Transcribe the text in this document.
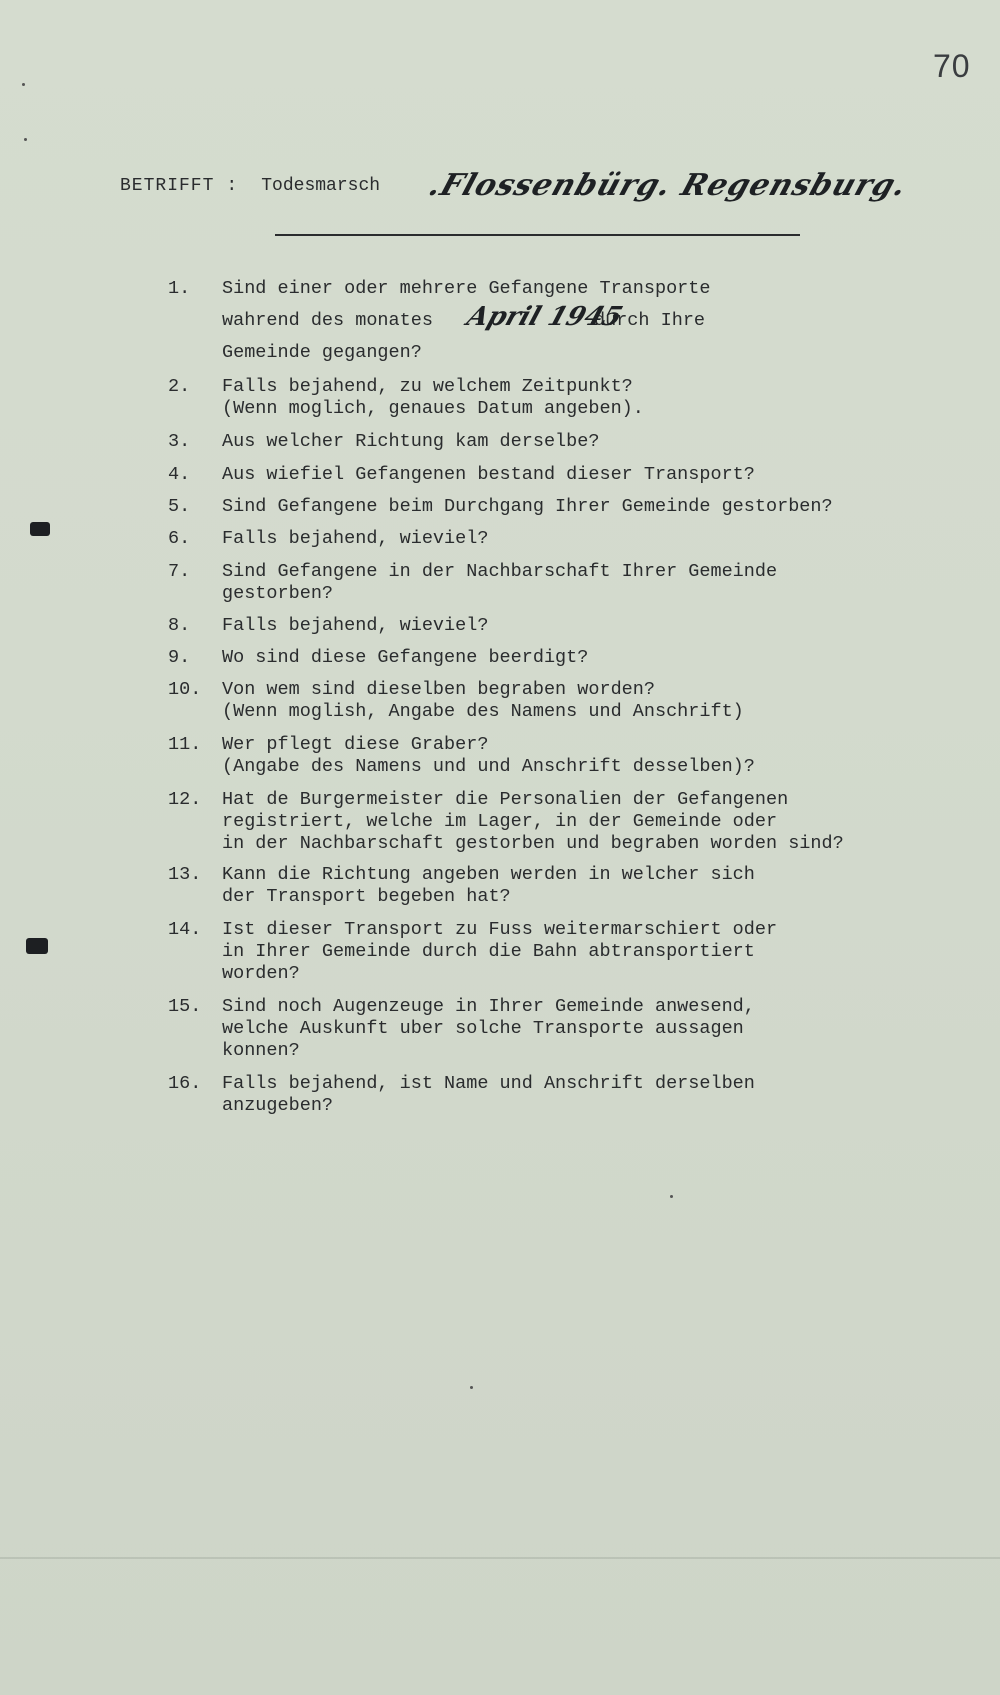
70
BETRIFFT : Todesmarsch .Flossenbürg. Regensburg.
1.	Sind einer oder mehrere Gefangene Transporte
wahrend des monates	durch Ihre
Gemeinde gegangen?
April 1945
2.	Falls bejahend, zu welchem Zeitpunkt?
(Wenn moglich, genaues Datum angeben).
3.	Aus welcher Richtung kam derselbe?
4.	Aus wiefiel Gefangenen bestand dieser Transport?
5.	Sind Gefangene beim Durchgang Ihrer Gemeinde gestorben?
6.	Falls bejahend, wieviel?
7.	Sind Gefangene in der Nachbarschaft Ihrer Gemeinde
gestorben?
8.	Falls bejahend, wieviel?
9.	Wo sind diese Gefangene beerdigt?
10.	Von wem sind dieselben begraben worden?
(Wenn moglish, Angabe des Namens und Anschrift)
11.	Wer pflegt diese Graber?
(Angabe des Namens und und Anschrift desselben)?
12.	Hat de Burgermeister die Personalien der Gefangenen
registriert, welche im Lager, in der Gemeinde oder
in der Nachbarschaft gestorben und begraben worden sind?
13.	Kann die Richtung angeben werden in welcher sich
der Transport begeben hat?
14.	Ist dieser Transport zu Fuss weitermarschiert oder
in Ihrer Gemeinde durch die Bahn abtransportiert
worden?
15.	Sind noch Augenzeuge in Ihrer Gemeinde anwesend,
welche Auskunft uber solche Transporte aussagen
konnen?
16.	Falls bejahend, ist Name und Anschrift derselben
anzugeben?
